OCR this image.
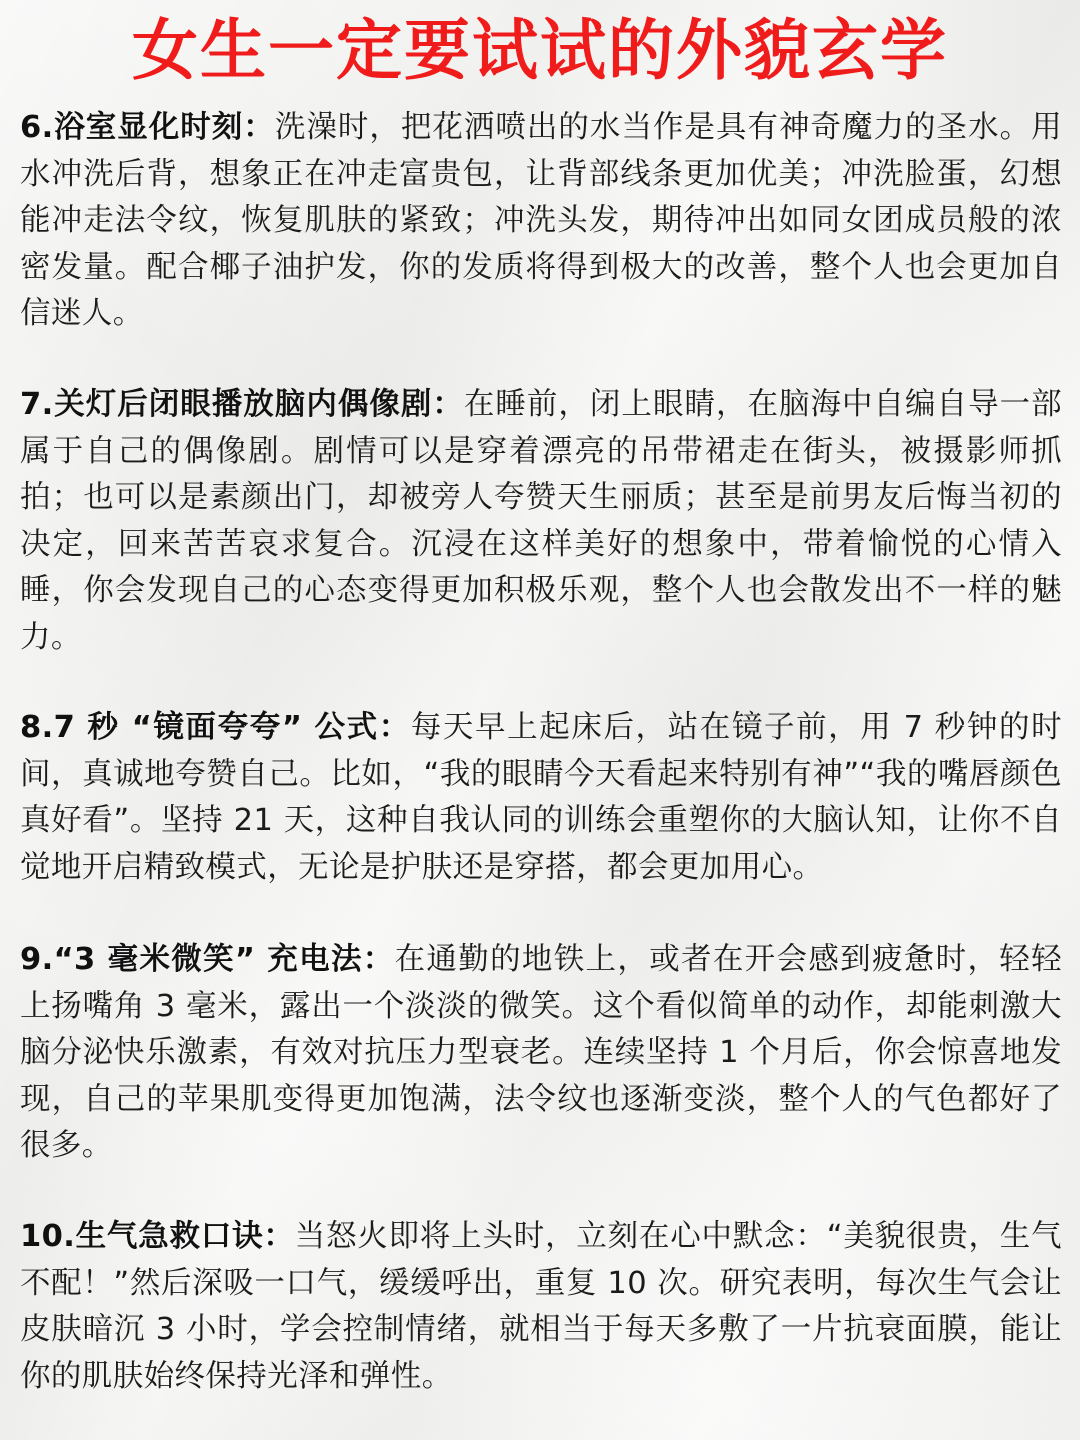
女生一定要试试的外貌玄学

6.浴室显化时刻：洗澡时，把花洒喷出的水当作是具有神奇魔力的圣水。用水冲洗后背，想象正在冲走富贵包，让背部线条更加优美；冲洗脸蛋，幻想能冲走法令纹，恢复肌肤的紧致；冲洗头发，期待冲出如同女团成员般的浓密发量。配合椰子油护发，你的发质将得到极大的改善，整个人也会更加自信迷人。

7.关灯后闭眼播放脑内偶像剧：在睡前，闭上眼睛，在脑海中自编自导一部属于自己的偶像剧。剧情可以是穿着漂亮的吊带裙走在街头，被摄影师抓拍；也可以是素颜出门，却被旁人夸赞天生丽质；甚至是前男友后悔当初的决定，回来苦苦哀求复合。沉浸在这样美好的想象中，带着愉悦的心情入睡，你会发现自己的心态变得更加积极乐观，整个人也会散发出不一样的魅力。

8.7 秒 “镜面夸夸” 公式：每天早上起床后，站在镜子前，用 7 秒钟的时间，真诚地夸赞自己。比如，“我的眼睛今天看起来特别有神”“我的嘴唇颜色真好看”。坚持 21 天，这种自我认同的训练会重塑你的大脑认知，让你不自觉地开启精致模式，无论是护肤还是穿搭，都会更加用心。

9.“3 毫米微笑” 充电法：在通勤的地铁上，或者在开会感到疲惫时，轻轻上扬嘴角 3 毫米，露出一个淡淡的微笑。这个看似简单的动作，却能刺激大脑分泌快乐激素，有效对抗压力型衰老。连续坚持 1 个月后，你会惊喜地发现，自己的苹果肌变得更加饱满，法令纹也逐渐变淡，整个人的气色都好了很多。

10.生气急救口诀：当怒火即将上头时，立刻在心中默念：“美貌很贵，生气不配！”然后深吸一口气，缓缓呼出，重复 10 次。研究表明，每次生气会让皮肤暗沉 3 小时，学会控制情绪，就相当于每天多敷了一片抗衰面膜，能让你的肌肤始终保持光泽和弹性。
